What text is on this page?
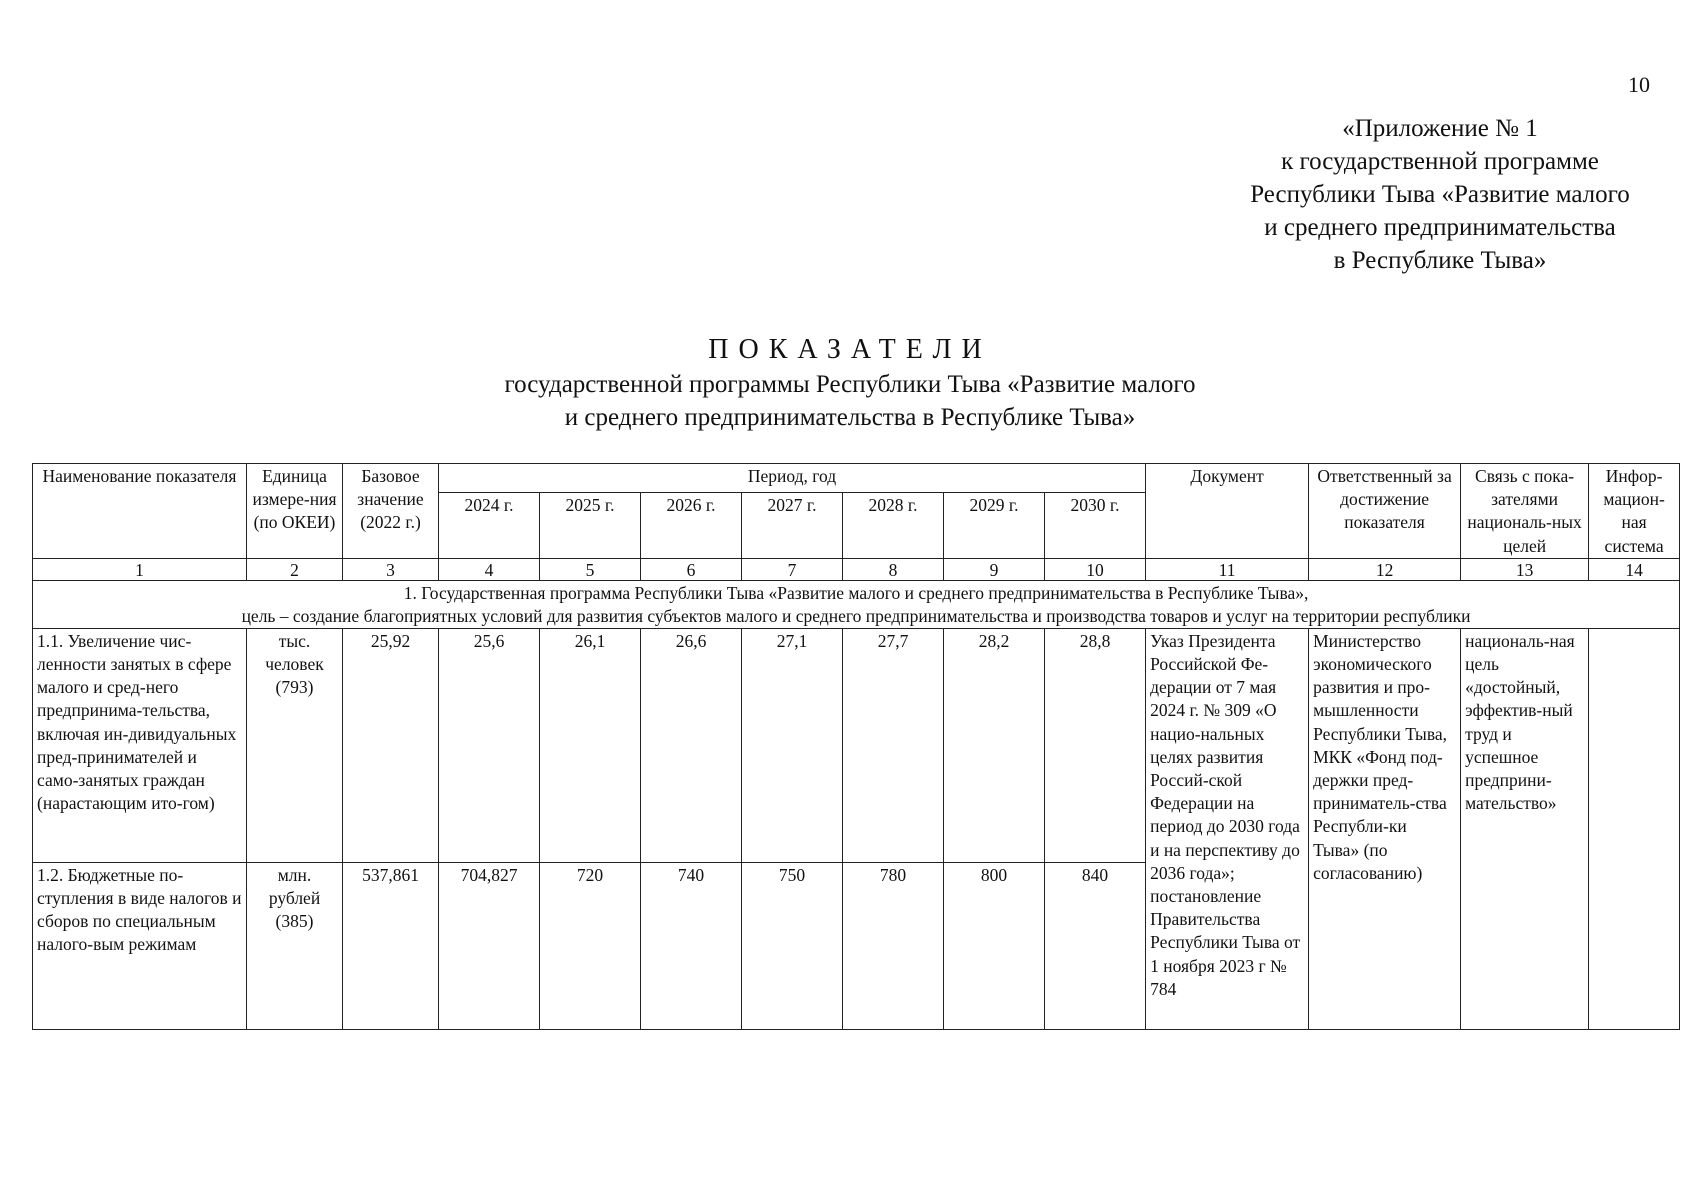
10
«Приложение № 1
к государственной программе
Республики Тыва «Развитие малого
и среднего предпринимательства
в Республике Тыва»
ПОКАЗАТЕЛИ
государственной программы Республики Тыва «Развитие малого
и среднего предпринимательства в Республике Тыва»
Наименование показателя	Единица измере-ния (по ОКЕИ)	Базовое значение (2022 г.)	Период, год							Документ	Ответственный за достижение показателя	Связь с пока-зателями националь-ных целей	Инфор-мацион-ная система
			2024 г.	2025 г.	2026 г.	2027 г.	2028 г.	2029 г.	2030 г.				
1	2	3	4	5	6	7	8	9	10	11	12	13	14

1. Государственная программа Республики Тыва «Развитие малого и среднего предпринимательства в Республике Тыва»,
цель – создание благоприятных условий для развития субъектов малого и среднего предпринимательства и производства товаров и услуг на территории республики													

1.1. Увеличение чис-ленности занятых в сфере малого и сред-него предпринима-тельства, включая ин-дивидуальных пред-принимателей и само-занятых граждан (нарастающим ито-гом)	тыс. человек (793)	25,92	25,6	26,1	26,6	27,1	27,7	28,2	28,8	Указ Президента Российской Фе-дерации от 7 мая 2024 г. № 309 «О нацио-нальных целях развития Россий-ской Федерации на период до 2030 года и на перспективу до 2036 года»; постановление Правительства Республики Тыва от 1 ноября 2023 г № 784	Министерство экономического развития и про-мышленности Республики Тыва, МКК «Фонд под-держки пред-приниматель-ства Республи-ки Тыва» (по согласованию)	националь-ная цель «достойный, эффектив-ный труд и успешное предприни-мательство»	
1.2. Бюджетные по-ступления в виде налогов и сборов по специальным налого-вым режимам	млн. рублей (385)	537,861	704,827	720	740	750	780	800	840				
